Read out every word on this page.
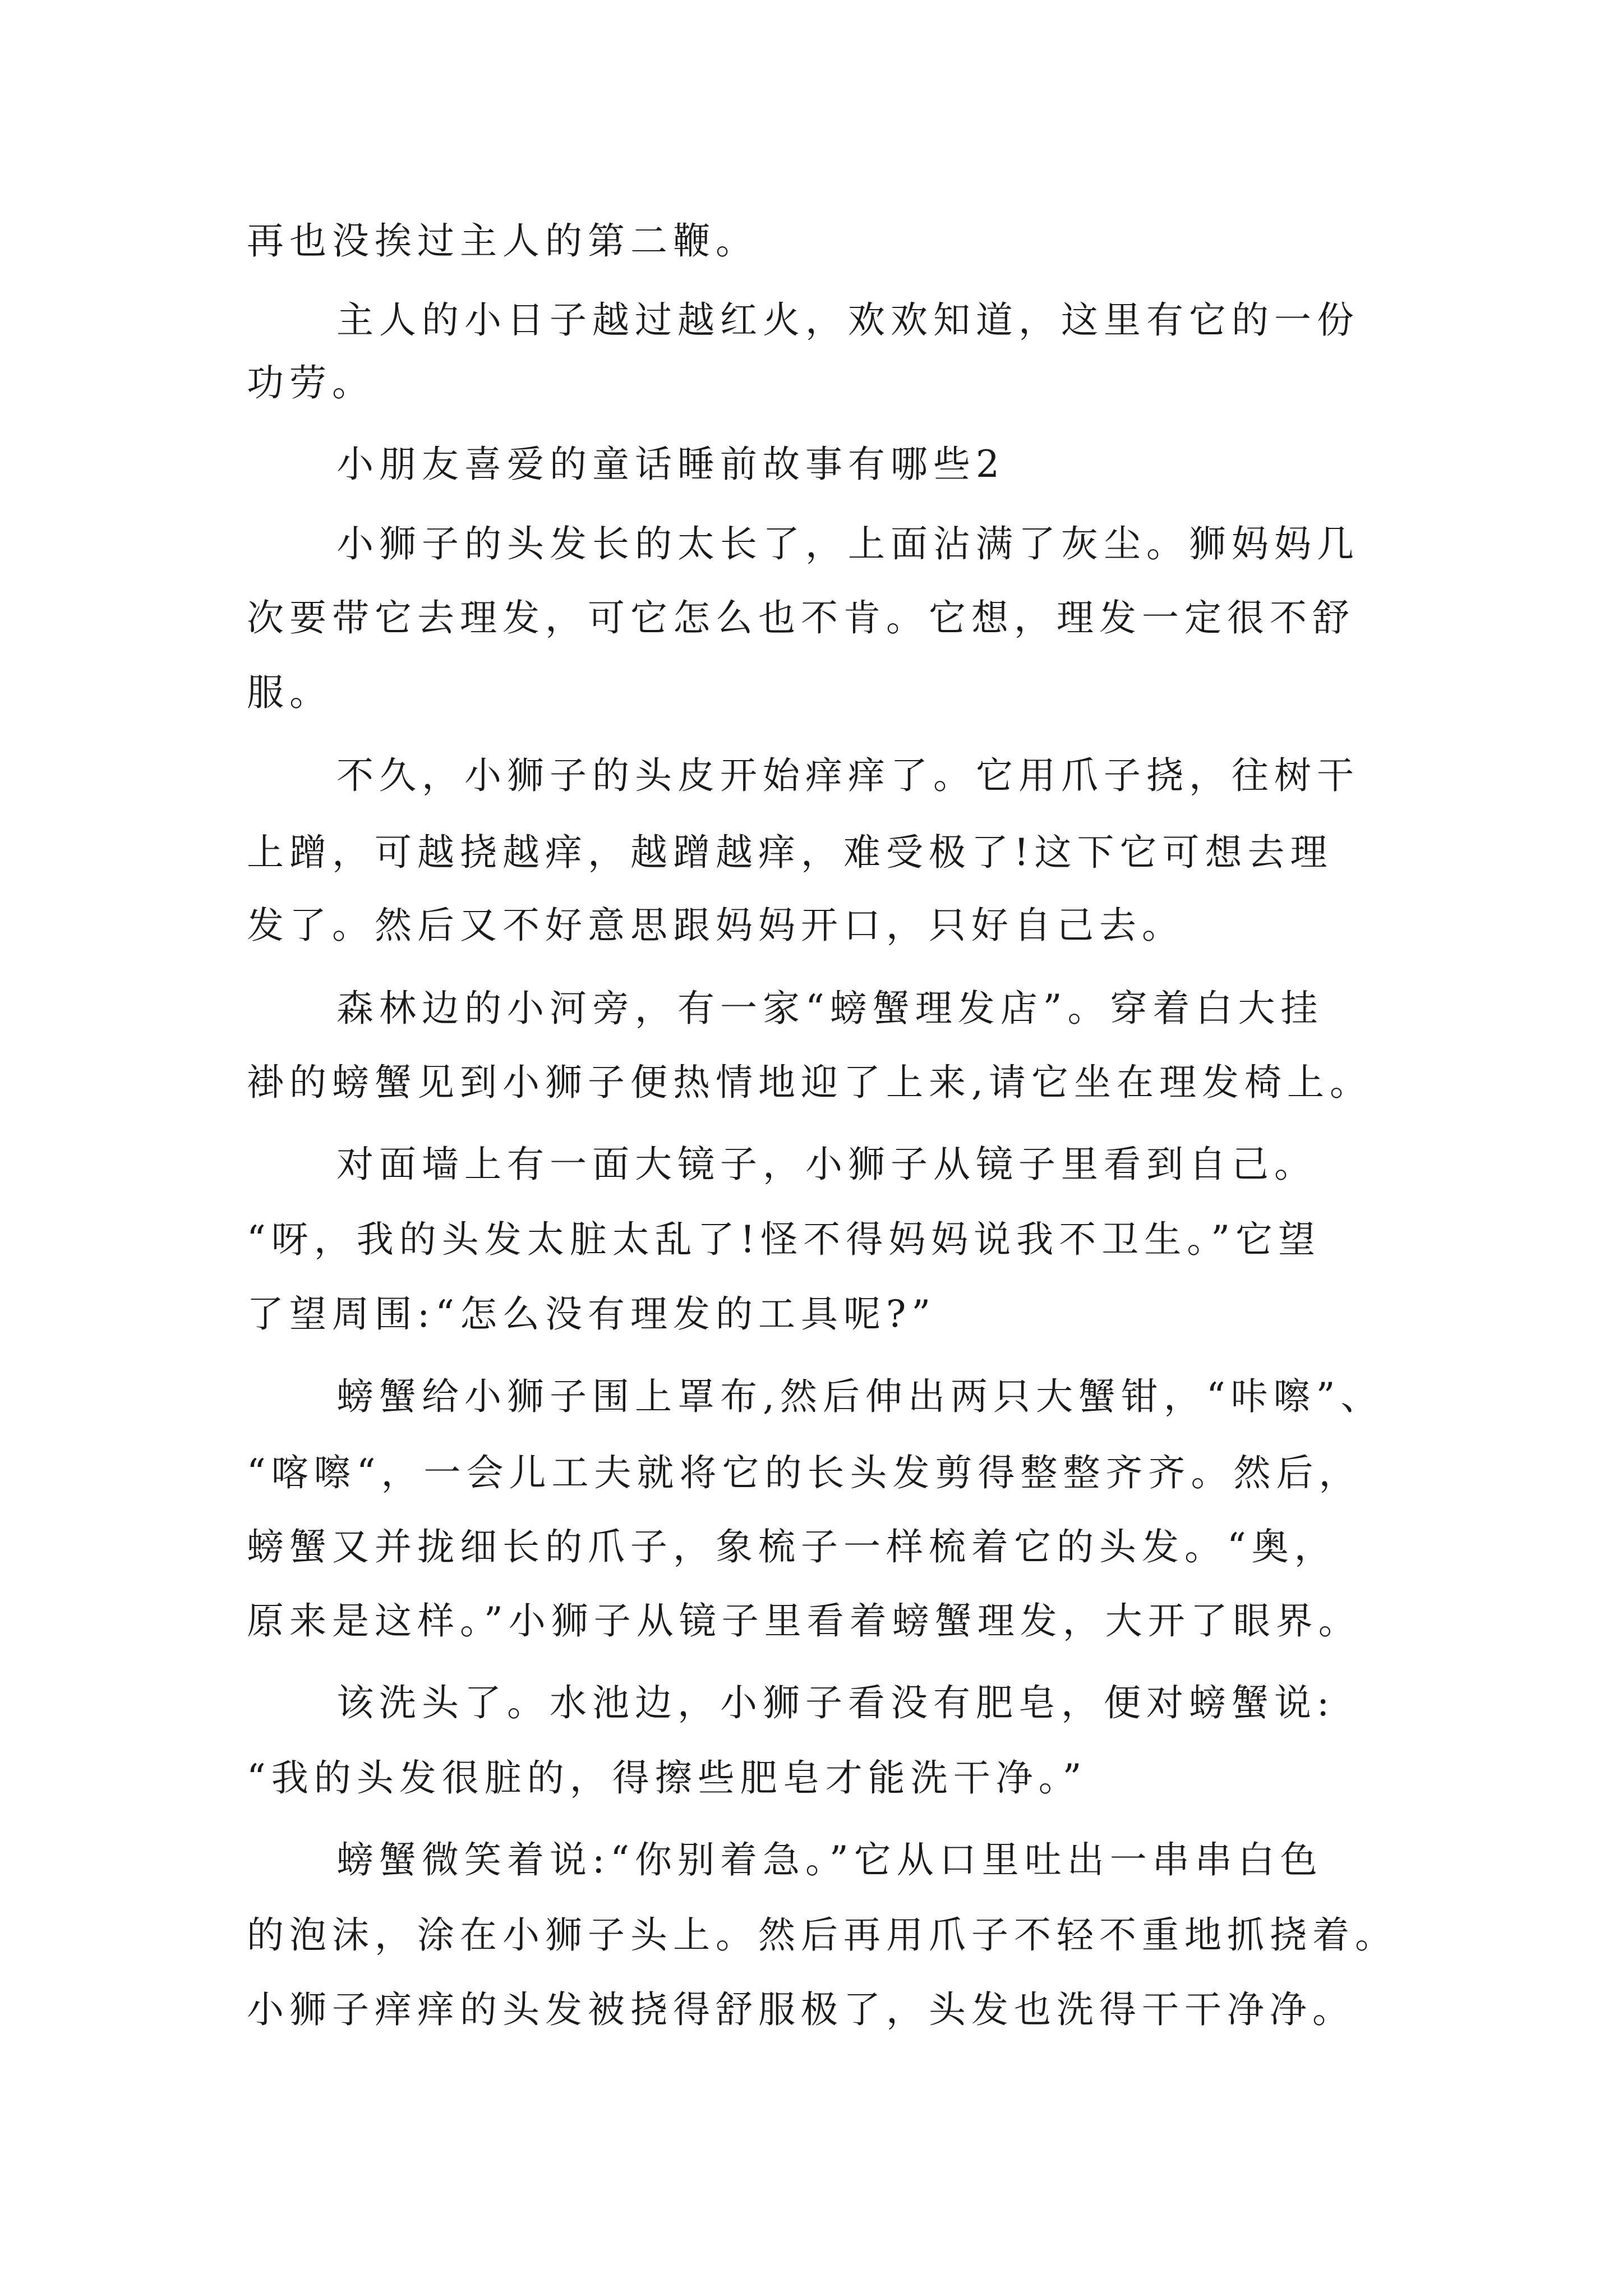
再也没挨过主人的第二鞭。
主人的小日子越过越红火，欢欢知道，这里有它的一份
功劳。
小朋友喜爱的童话睡前故事有哪些2
小狮子的头发长的太长了，上面沾满了灰尘。狮妈妈几
次要带它去理发，可它怎么也不肯。它想，理发一定很不舒
服。
不久，小狮子的头皮开始痒痒了。它用爪子挠，往树干
上蹭，可越挠越痒，越蹭越痒，难受极了!这下它可想去理
发了。然后又不好意思跟妈妈开口，只好自己去。
森林边的小河旁，有一家“螃蟹理发店”。穿着白大挂
褂的螃蟹见到小狮子便热情地迎了上来,请它坐在理发椅上。
对面墙上有一面大镜子，小狮子从镜子里看到自己。
“呀，我的头发太脏太乱了!怪不得妈妈说我不卫生。”它望
了望周围:“怎么没有理发的工具呢?”
螃蟹给小狮子围上罩布,然后伸出两只大蟹钳，“咔嚓”、
“喀嚓“，一会儿工夫就将它的长头发剪得整整齐齐。然后，
螃蟹又并拢细长的爪子，象梳子一样梳着它的头发。“奥，
原来是这样。”小狮子从镜子里看着螃蟹理发，大开了眼界。
该洗头了。水池边，小狮子看没有肥皂，便对螃蟹说:
“我的头发很脏的，得擦些肥皂才能洗干净。”
螃蟹微笑着说:“你别着急。”它从口里吐出一串串白色
的泡沫，涂在小狮子头上。然后再用爪子不轻不重地抓挠着。
小狮子痒痒的头发被挠得舒服极了，头发也洗得干干净净。
